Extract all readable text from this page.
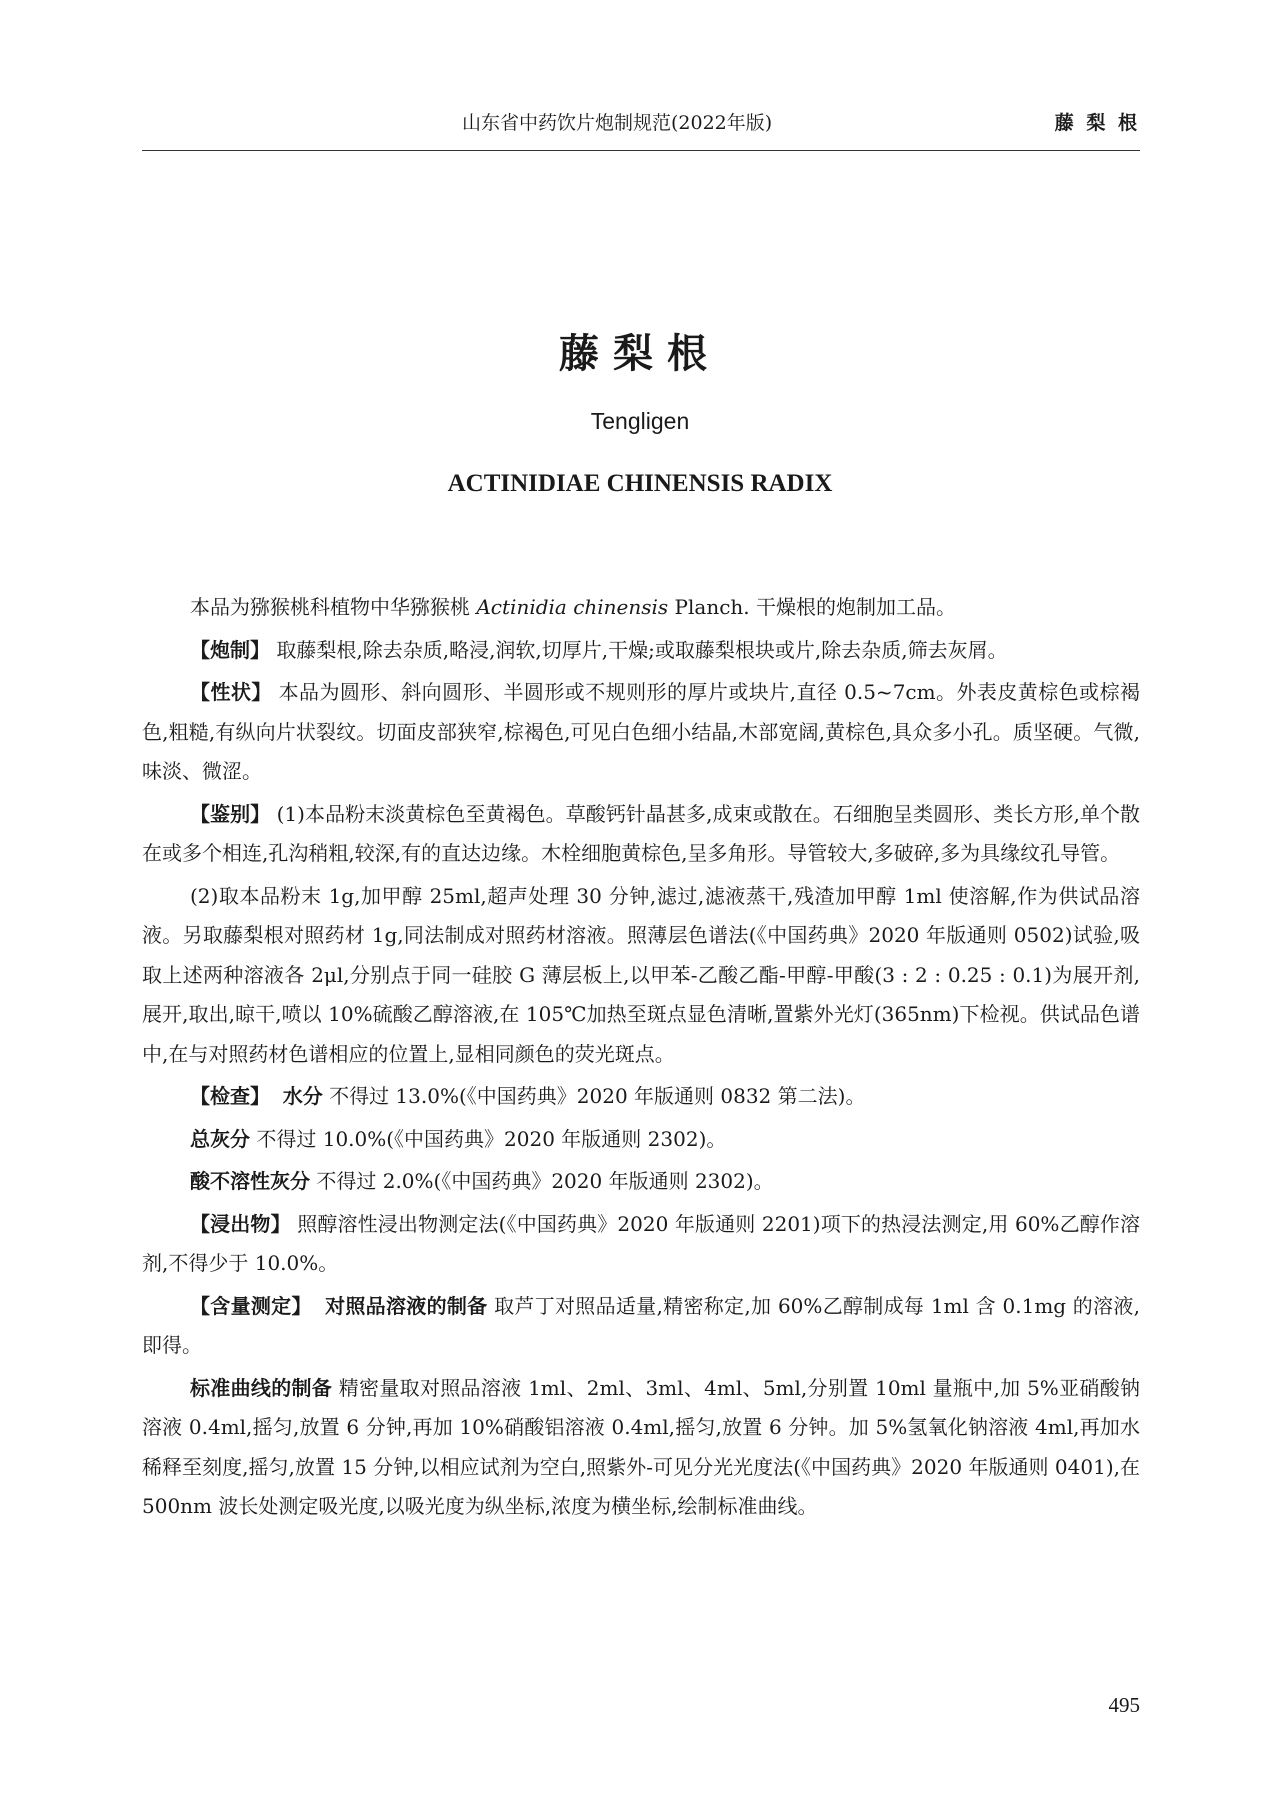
山东省中药饮片炮制规范(2022年版)	藤 梨 根
藤梨根
Tengligen
ACTINIDIAE CHINENSIS RADIX

本品为猕猴桃科植物中华猕猴桃 Actinidia chinensis Planch. 干燥根的炮制加工品。

【炮制】 取藤梨根,除去杂质,略浸,润软,切厚片,干燥;或取藤梨根块或片,除去杂质,筛去灰屑。

【性状】 本品为圆形、斜向圆形、半圆形或不规则形的厚片或块片,直径 0.5~7cm。外表皮黄棕色或棕褐色,粗糙,有纵向片状裂纹。切面皮部狭窄,棕褐色,可见白色细小结晶,木部宽阔,黄棕色,具众多小孔。质坚硬。气微,味淡、微涩。

【鉴别】 (1)本品粉末淡黄棕色至黄褐色。草酸钙针晶甚多,成束或散在。石细胞呈类圆形、类长方形,单个散在或多个相连,孔沟稍粗,较深,有的直达边缘。木栓细胞黄棕色,呈多角形。导管较大,多破碎,多为具缘纹孔导管。

(2)取本品粉末 1g,加甲醇 25ml,超声处理 30 分钟,滤过,滤液蒸干,残渣加甲醇 1ml 使溶解,作为供试品溶液。另取藤梨根对照药材 1g,同法制成对照药材溶液。照薄层色谱法(《中国药典》2020 年版通则 0502)试验,吸取上述两种溶液各 2μl,分别点于同一硅胶 G 薄层板上,以甲苯-乙酸乙酯-甲醇-甲酸(3 : 2 : 0.25 : 0.1)为展开剂,展开,取出,晾干,喷以 10%硫酸乙醇溶液,在 105℃加热至斑点显色清晰,置紫外光灯(365nm)下检视。供试品色谱中,在与对照药材色谱相应的位置上,显相同颜色的荧光斑点。

【检查】 水分 不得过 13.0%(《中国药典》2020 年版通则 0832 第二法)。

总灰分 不得过 10.0%(《中国药典》2020 年版通则 2302)。

酸不溶性灰分 不得过 2.0%(《中国药典》2020 年版通则 2302)。

【浸出物】 照醇溶性浸出物测定法(《中国药典》2020 年版通则 2201)项下的热浸法测定,用 60%乙醇作溶剂,不得少于 10.0%。

【含量测定】 对照品溶液的制备 取芦丁对照品适量,精密称定,加 60%乙醇制成每 1ml 含 0.1mg 的溶液,即得。

标准曲线的制备 精密量取对照品溶液 1ml、2ml、3ml、4ml、5ml,分别置 10ml 量瓶中,加 5%亚硝酸钠溶液 0.4ml,摇匀,放置 6 分钟,再加 10%硝酸铝溶液 0.4ml,摇匀,放置 6 分钟。加 5%氢氧化钠溶液 4ml,再加水稀释至刻度,摇匀,放置 15 分钟,以相应试剂为空白,照紫外-可见分光光度法(《中国药典》2020 年版通则 0401),在 500nm 波长处测定吸光度,以吸光度为纵坐标,浓度为横坐标,绘制标准曲线。

495
